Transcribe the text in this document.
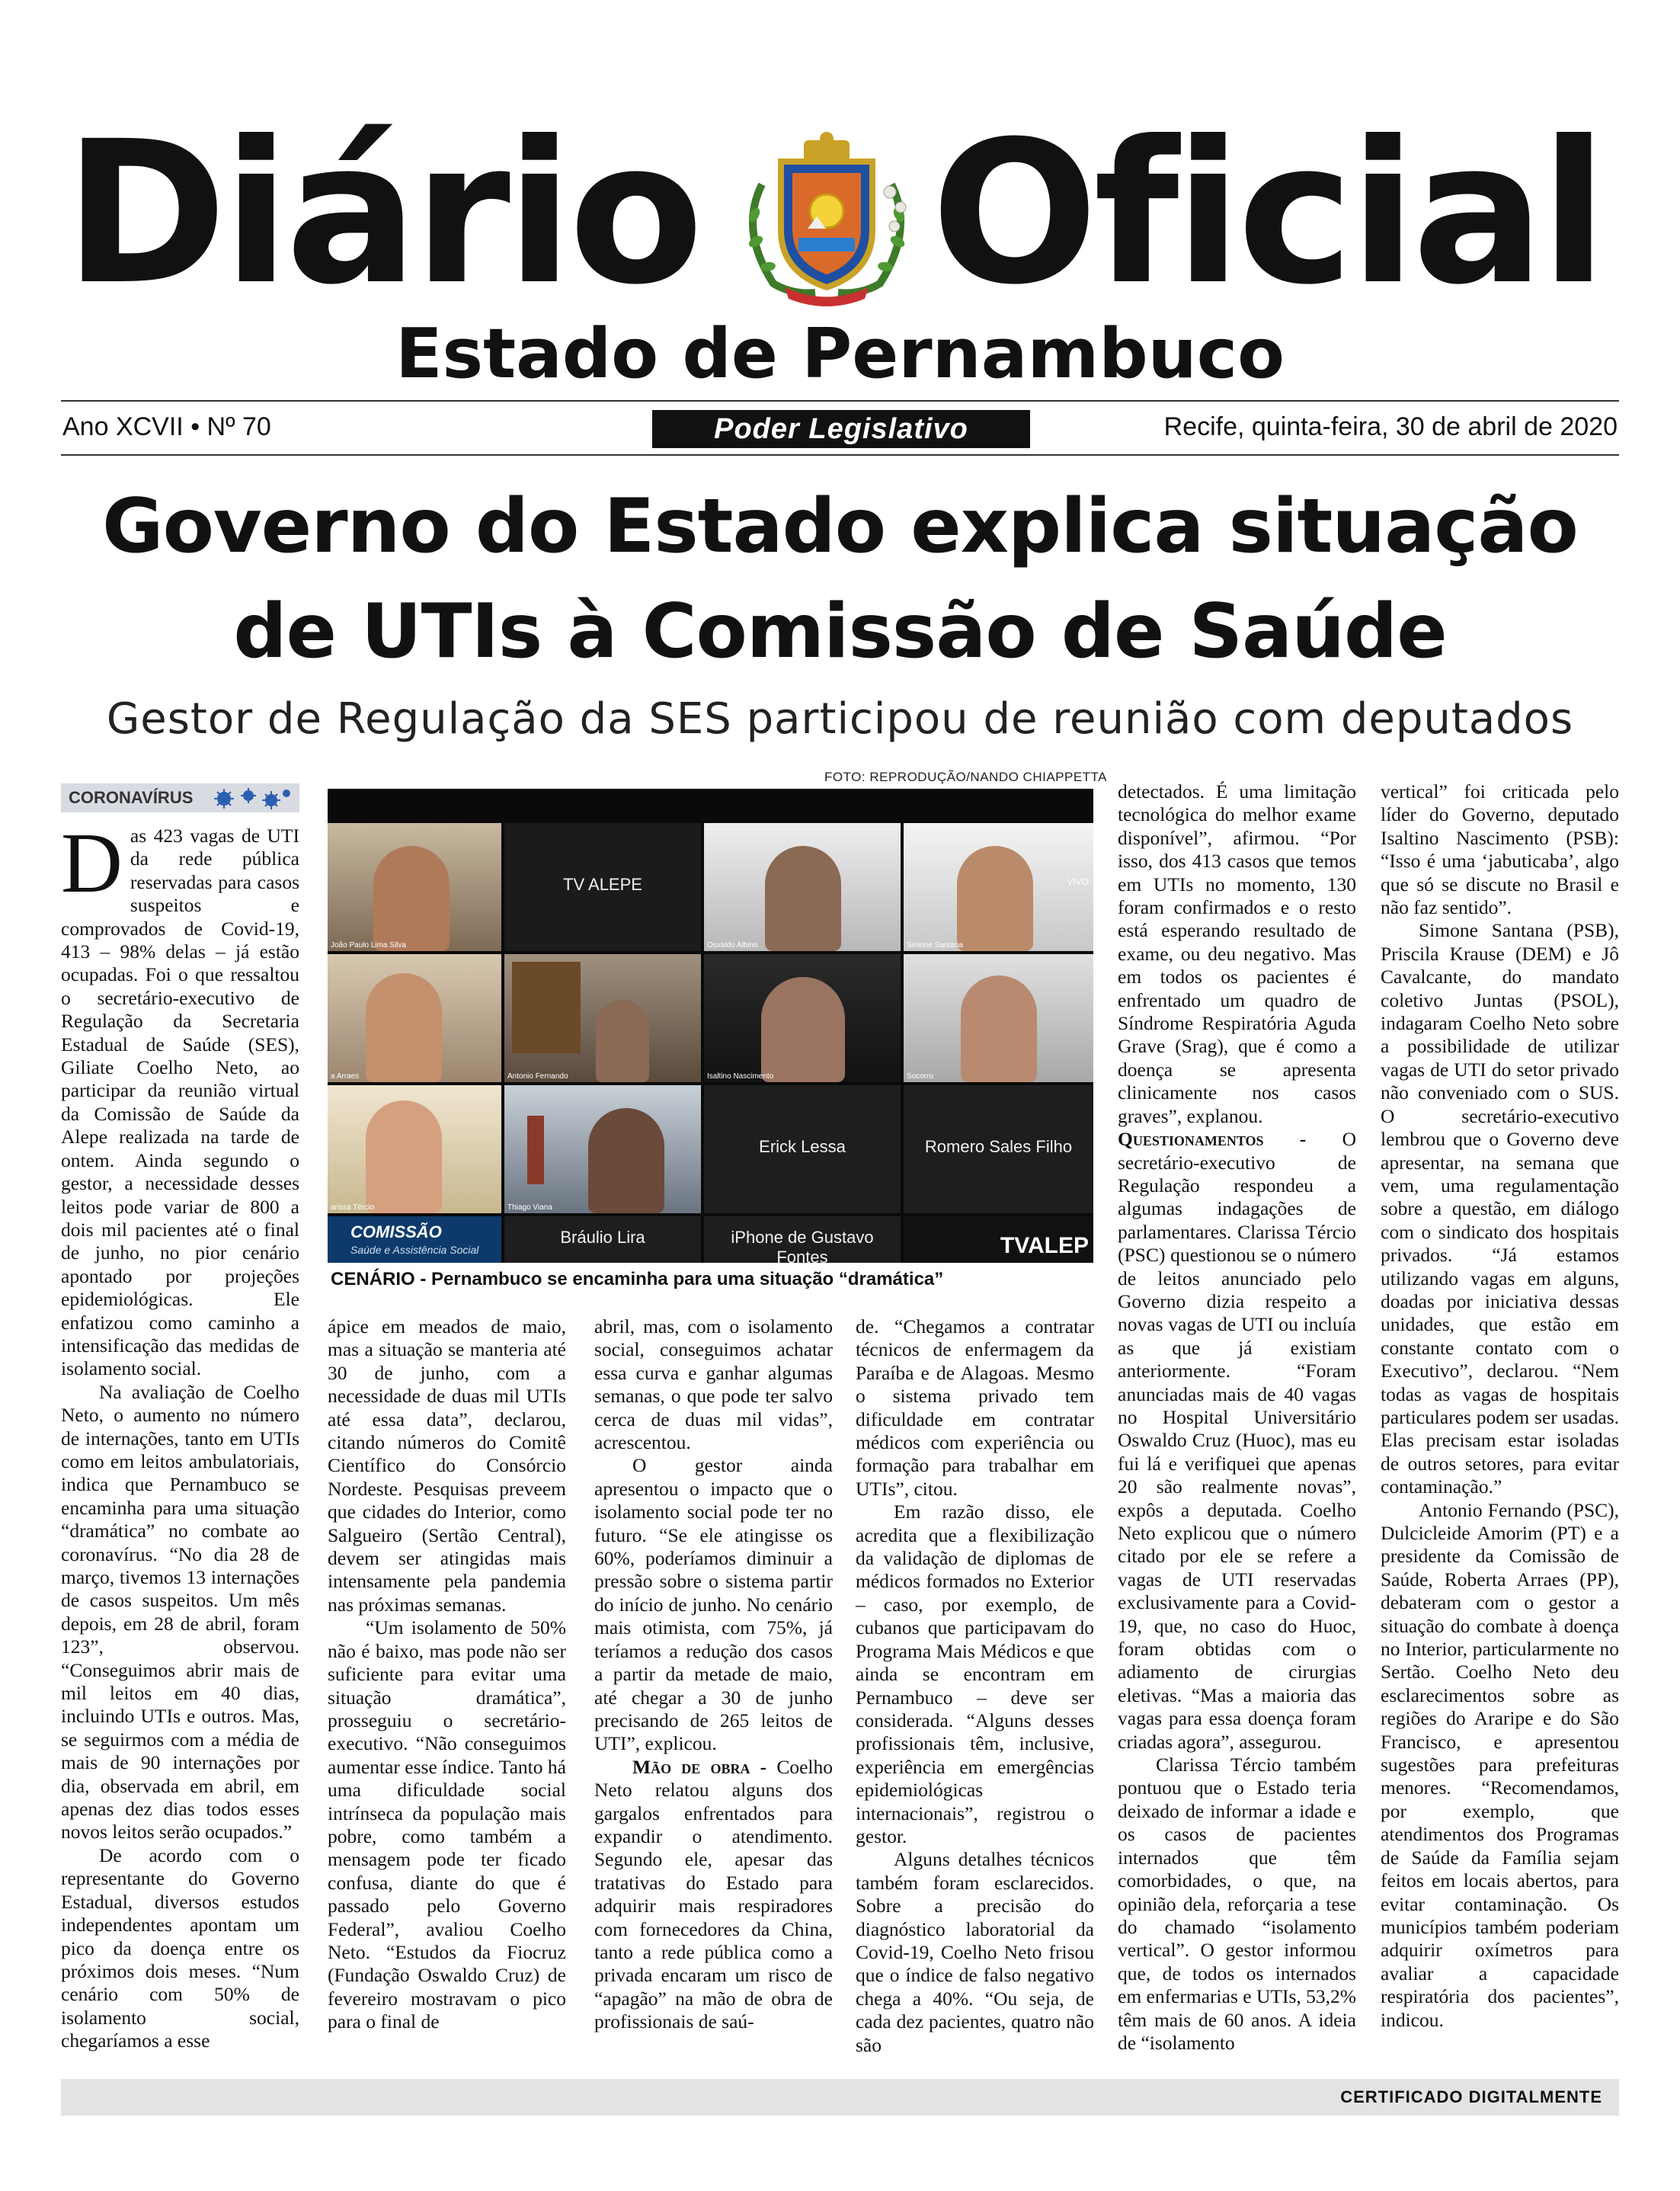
Diário Oficial
Estado de Pernambuco
Ano XCVII • Nº 70	Poder Legislativo	Recife, quinta-feira, 30 de abril de 2020
Governo do Estado explica situação
de UTIs à Comissão de Saúde
Gestor de Regulação da SES participou de reunião com deputados
CORONAVÍRUS

Das 423 vagas de UTI da rede pública reservadas para casos suspeitos e comprovados de Covid-19, 413 – 98% delas – já estão ocupadas. Foi o que ressaltou o secretário-executivo de Regulação da Secretaria Estadual de Saúde (SES), Giliate Coelho Neto, ao participar da reunião virtual da Comissão de Saúde da Alepe realizada na tarde de ontem. Ainda segundo o gestor, a necessidade desses leitos pode variar de 800 a dois mil pacientes até o final de junho, no pior cenário apontado por projeções epidemiológicas. Ele enfatizou como caminho a intensificação das medidas de isolamento social.

Na avaliação de Coelho Neto, o aumento no número de internações, tanto em UTIs como em leitos ambulatoriais, indica que Pernambuco se encaminha para uma situação “dramática” no combate ao coronavírus. “No dia 28 de março, tivemos 13 internações de casos suspeitos. Um mês depois, em 28 de abril, foram 123”, observou. “Conseguimos abrir mais de mil leitos em 40 dias, incluindo UTIs e outros. Mas, se seguirmos com a média de mais de 90 internações por dia, observada em abril, em apenas dez dias todos esses novos leitos serão ocupados.”

De acordo com o representante do Governo Estadual, diversos estudos independentes apontam um pico da doença entre os próximos dois meses. “Num cenário com 50% de isolamento social, chegaríamos a esse

FOTO: REPRODUÇÃO/NANDO CHIAPPETTA
João Paulo Lima Silva
TV ALEPE
Osvaldo Albino	Simone Santana
VIVO
a Arraes	Antonio Fernando	Isaltino Nascimento	Socorro
arissa Tércio	Thiago Viana
Erick Lessa	Romero Sales Filho
COMISSÃO
Saúde e Assistência Social
Bráulio Lira	iPhone de Gustavo Fontes	TVALEP
CENÁRIO - Pernambuco se encaminha para uma situação “dramática”

ápice em meados de maio, mas a situação se manteria até 30 de junho, com a necessidade de duas mil UTIs até essa data”, declarou, citando números do Comitê Científico do Consórcio Nordeste. Pesquisas preveem que cidades do Interior, como Salgueiro (Sertão Central), devem ser atingidas mais intensamente pela pandemia nas próximas semanas.

“Um isolamento de 50% não é baixo, mas pode não ser suficiente para evitar uma situação dramática”, prosseguiu o secretário-executivo. “Não conseguimos aumentar esse índice. Tanto há uma dificuldade social intrínseca da população mais pobre, como também a mensagem pode ter ficado confusa, diante do que é passado pelo Governo Federal”, avaliou Coelho Neto. “Estudos da Fiocruz (Fundação Oswaldo Cruz) de fevereiro mostravam o pico para o final de

abril, mas, com o isolamento social, conseguimos achatar essa curva e ganhar algumas semanas, o que pode ter salvo cerca de duas mil vidas”, acrescentou.

O gestor ainda apresentou o impacto que o isolamento social pode ter no futuro. “Se ele atingisse os 60%, poderíamos diminuir a pressão sobre o sistema partir do início de junho. No cenário mais otimista, com 75%, já teríamos a redução dos casos a partir da metade de maio, até chegar a 30 de junho precisando de 265 leitos de UTI”, explicou.

Mão de obra - Coelho Neto relatou alguns dos gargalos enfrentados para expandir o atendimento. Segundo ele, apesar das tratativas do Estado para adquirir mais respiradores com fornecedores da China, tanto a rede pública como a privada encaram um risco de “apagão” na mão de obra de profissionais de saú-

de. “Chegamos a contratar técnicos de enfermagem da Paraíba e de Alagoas. Mesmo o sistema privado tem dificuldade em contratar médicos com experiência ou formação para trabalhar em UTIs”, citou.

Em razão disso, ele acredita que a flexibilização da validação de diplomas de médicos formados no Exterior – caso, por exemplo, de cubanos que participavam do Programa Mais Médicos e que ainda se encontram em Pernambuco – deve ser considerada. “Alguns desses profissionais têm, inclusive, experiência em emergências epidemiológicas internacionais”, registrou o gestor.

Alguns detalhes técnicos também foram esclarecidos. Sobre a precisão do diagnóstico laboratorial da Covid-19, Coelho Neto frisou que o índice de falso negativo chega a 40%. “Ou seja, de cada dez pacientes, quatro não são

detectados. É uma limitação tecnológica do melhor exame disponível”, afirmou. “Por isso, dos 413 casos que temos em UTIs no momento, 130 foram confirmados e o resto está esperando resultado de exame, ou deu negativo. Mas em todos os pacientes é enfrentado um quadro de Síndrome Respiratória Aguda Grave (Srag), que é como a doença se apresenta clinicamente nos casos graves”, explanou.

Questionamentos - O secretário-executivo de Regulação respondeu a algumas indagações de parlamentares. Clarissa Tércio (PSC) questionou se o número de leitos anunciado pelo Governo dizia respeito a novas vagas de UTI ou incluía as que já existiam anteriormente. “Foram anunciadas mais de 40 vagas no Hospital Universitário Oswaldo Cruz (Huoc), mas eu fui lá e verifiquei que apenas 20 são realmente novas”, expôs a deputada. Coelho Neto explicou que o número citado por ele se refere a vagas de UTI reservadas exclusivamente para a Covid-19, que, no caso do Huoc, foram obtidas com o adiamento de cirurgias eletivas. “Mas a maioria das vagas para essa doença foram criadas agora”, assegurou.

Clarissa Tércio também pontuou que o Estado teria deixado de informar a idade e os casos de pacientes internados que têm comorbidades, o que, na opinião dela, reforçaria a tese do chamado “isolamento vertical”. O gestor informou que, de todos os internados em enfermarias e UTIs, 53,2% têm mais de 60 anos. A ideia de “isolamento

vertical” foi criticada pelo líder do Governo, deputado Isaltino Nascimento (PSB): “Isso é uma ‘jabuticaba’, algo que só se discute no Brasil e não faz sentido”.

Simone Santana (PSB), Priscila Krause (DEM) e Jô Cavalcante, do mandato coletivo Juntas (PSOL), indagaram Coelho Neto sobre a possibilidade de utilizar vagas de UTI do setor privado não conveniado com o SUS. O secretário-executivo lembrou que o Governo deve apresentar, na semana que vem, uma regulamentação sobre a questão, em diálogo com o sindicato dos hospitais privados. “Já estamos utilizando vagas em alguns, doadas por iniciativa dessas unidades, que estão em constante contato com o Executivo”, declarou. “Nem todas as vagas de hospitais particulares podem ser usadas. Elas precisam estar isoladas de outros setores, para evitar contaminação.”

Antonio Fernando (PSC), Dulcicleide Amorim (PT) e a presidente da Comissão de Saúde, Roberta Arraes (PP), debateram com o gestor a situação do combate à doença no Interior, particularmente no Sertão. Coelho Neto deu esclarecimentos sobre as regiões do Araripe e do São Francisco, e apresentou sugestões para prefeituras menores. “Recomendamos, por exemplo, que atendimentos dos Programas de Saúde da Família sejam feitos em locais abertos, para evitar contaminação. Os municípios também poderiam adquirir oxímetros para avaliar a capacidade respiratória dos pacientes”, indicou.

CERTIFICADO DIGITALMENTE
